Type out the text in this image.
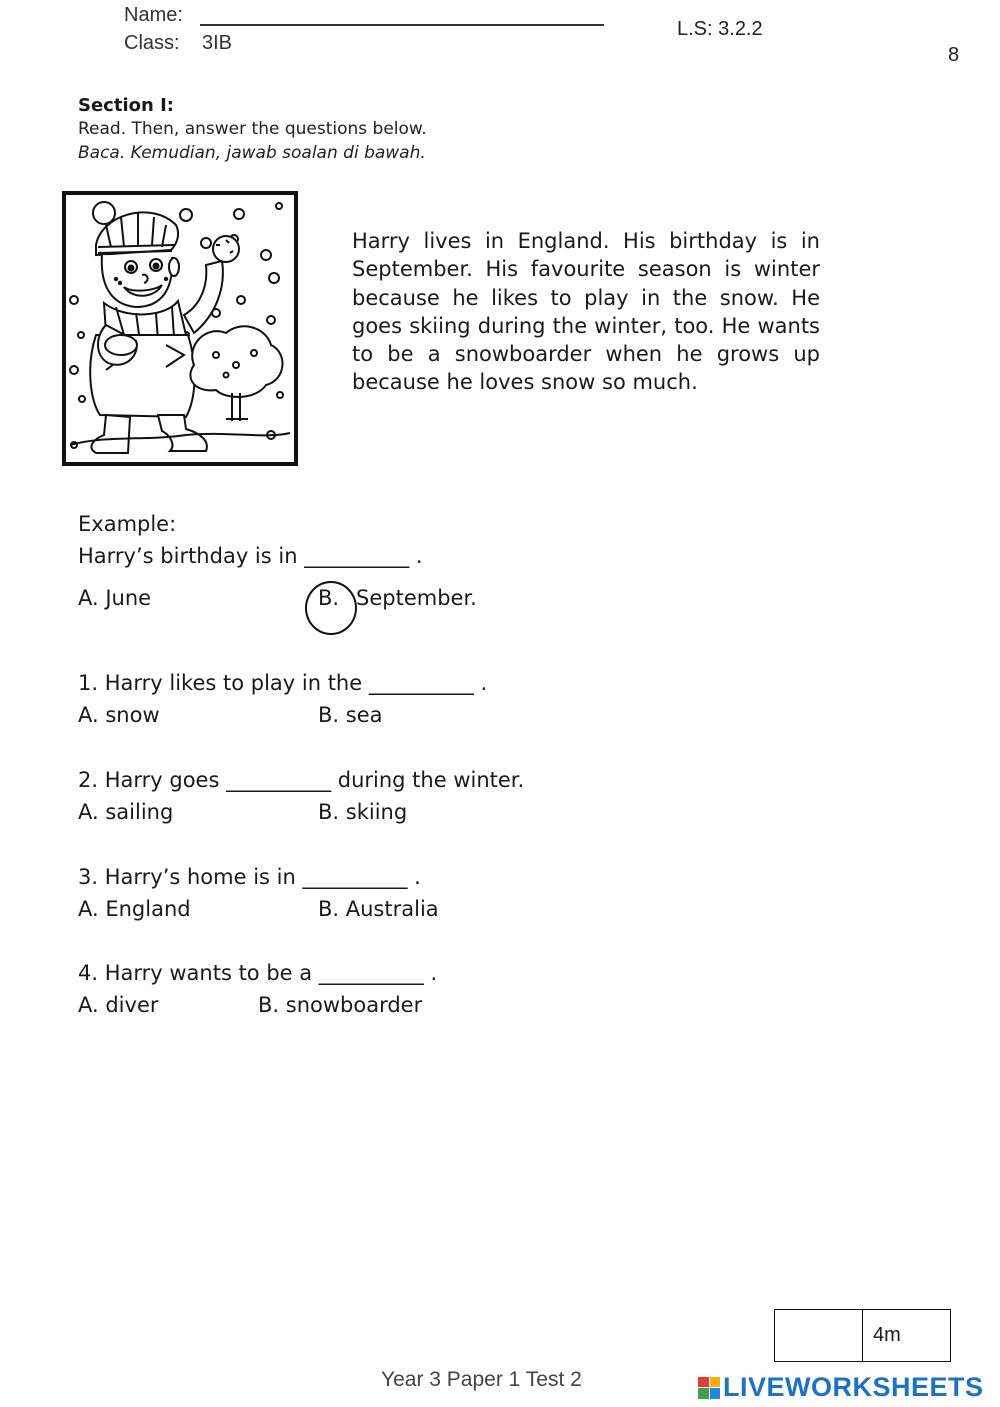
Name:
Class: 3IB
L.S: 3.2.2
8
Section I:
Read. Then, answer the questions below.
Baca. Kemudian, jawab soalan di bawah.
Harry lives in England. His birthday is in September. His favourite season is winter because he likes to play in the snow. He goes skiing during the winter, too. He wants to be a snowboarder when he grows up because he loves snow so much.
Example:
Harry’s birthday is in __________ .
A. June	B. September.
1. Harry likes to play in the __________ .
A. snow	B. sea
2. Harry goes __________ during the winter.
A. sailing	B. skiing
3. Harry’s home is in __________ .
A. England	B. Australia
4. Harry wants to be a __________ .
A. diver	B. snowboarder
4m
Year 3 Paper 1 Test 2	LIVEWORKSHEETS
